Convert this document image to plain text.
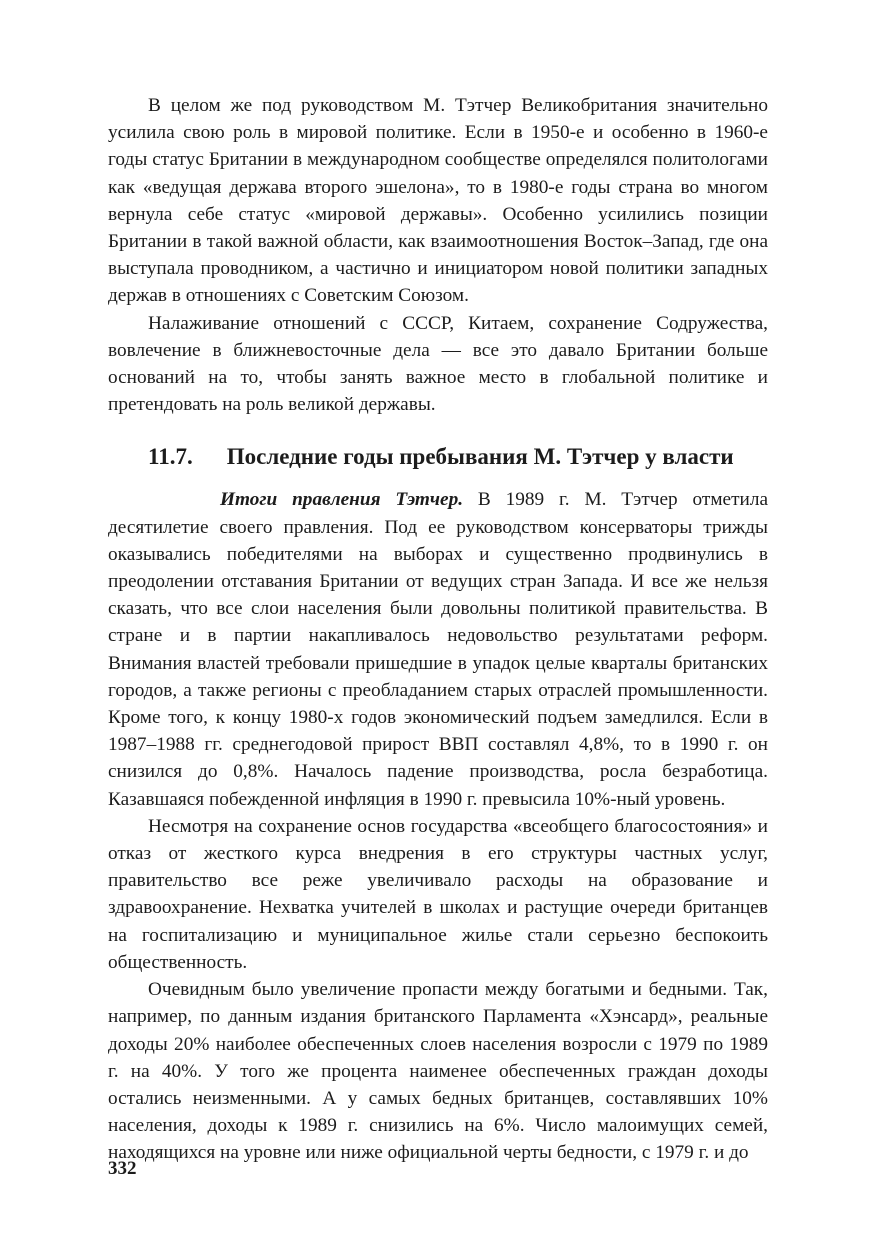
В целом же под руководством М. Тэтчер Великобритания значительно усилила свою роль в мировой политике. Если в 1950-е и особенно в 1960-е годы статус Британии в международном сообществе определялся политологами как «ведущая держава второго эшелона», то в 1980-е годы страна во многом вернула себе статус «мировой державы». Особенно усилились позиции Британии в такой важной области, как взаимоотношения Восток–Запад, где она выступала проводником, а частично и инициатором новой политики западных держав в отношениях с Советским Союзом.

Налаживание отношений с СССР, Китаем, сохранение Содружества, вовлечение в ближневосточные дела — все это давало Британии больше оснований на то, чтобы занять важное место в глобальной политике и претендовать на роль великой державы.

11.7. Последние годы пребывания М. Тэтчер у власти

Итоги правления Тэтчер. В 1989 г. М. Тэтчер отметила десятилетие своего правления. Под ее руководством консерваторы трижды оказывались победителями на выборах и существенно продвинулись в преодолении отставания Британии от ведущих стран Запада. И все же нельзя сказать, что все слои населения были довольны политикой правительства. В стране и в партии накапливалось недовольство результатами реформ. Внимания властей требовали пришедшие в упадок целые кварталы британских городов, а также регионы с преобладанием старых отраслей промышленности. Кроме того, к концу 1980-х годов экономический подъем замедлился. Если в 1987–1988 гг. среднегодовой прирост ВВП составлял 4,8%, то в 1990 г. он снизился до 0,8%. Началось падение производства, росла безработица. Казавшаяся побежденной инфляция в 1990 г. превысила 10%-ный уровень.

Несмотря на сохранение основ государства «всеобщего благосостояния» и отказ от жесткого курса внедрения в его структуры частных услуг, правительство все реже увеличивало расходы на образование и здравоохранение. Нехватка учителей в школах и растущие очереди британцев на госпитализацию и муниципальное жилье стали серьезно беспокоить общественность.

Очевидным было увеличение пропасти между богатыми и бедными. Так, например, по данным издания британского Парламента «Хэнсард», реальные доходы 20% наиболее обеспеченных слоев населения возросли с 1979 по 1989 г. на 40%. У того же процента наименее обеспеченных граждан доходы остались неизменными. А у самых бедных британцев, составлявших 10% населения, доходы к 1989 г. снизились на 6%. Число малоимущих семей, находящихся на уровне или ниже официальной черты бедности, с 1979 г. и до

332
